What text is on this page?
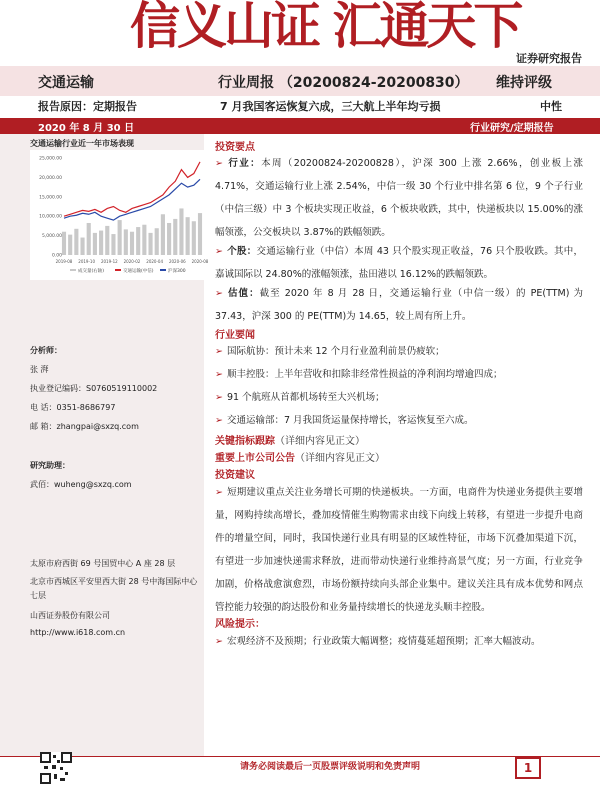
信义山证 汇通天下
证券研究报告
交通运输	行业周报 （20200824-20200830） 维持评级
报告原因：定期报告	7 月我国客运恢复六成，三大航上半年均亏损	中性
2020 年 8 月 30 日	行业研究/定期报告
交通运输行业近一年市场表现
25,000.00
20,000.00
15,000.00
10,000.00
5,000.00
0.00
2019-08 2019-10 2019-12 2020-02 2020-04 2020-06 2020-08
成交量(右轴)	交通运输(中信)	沪深300
分析师：
张 湃
执业登记编码：S0760519110002
电 话：0351-8686797
邮 箱：zhangpai@sxzq.com
研究助理：
武佰：wuheng@sxzq.com
太原市府西街 69 号国贸中心 A 座 28 层
北京市西城区平安里西大街 28 号中海国际中心七层
山西证券股份有限公司
http://www.i618.com.cn
投资要点
➢ 行业：本周（20200824-20200828），沪深 300 上涨 2.66%，创业板上涨 4.71%，交通运输行业上涨 2.54%，中信一级 30 个行业中排名第 6 位，9 个子行业（中信三级）中 3 个板块实现正收益，6 个板块收跌，其中，快递板块以 15.00%的涨幅领涨，公交板块以 3.87%的跌幅领跌。
➢ 个股：交通运输行业（中信）本周 43 只个股实现正收益，76 只个股收跌。其中，嘉诚国际以 24.80%的涨幅领涨，盐田港以 16.12%的跌幅领跌。
➢ 估值：截至 2020 年 8 月 28 日，交通运输行业（中信一级）的 PE(TTM) 为 37.43，沪深 300 的 PE(TTM)为 14.65，较上周有所上升。
行业要闻
➢ 国际航协：预计未来 12 个月行业盈利前景仍疲软；
➢ 顺丰控股：上半年营收和扣除非经常性损益的净利润均增逾四成；
➢ 91 个航班从首都机场转至大兴机场；
➢ 交通运输部：7 月我国货运量保持增长，客运恢复至六成。
关键指标跟踪（详细内容见正文）
重要上市公司公告（详细内容见正文）
投资建议
➢ 短期建议重点关注业务增长可期的快递板块。一方面，电商件为快递业务提供主要增量，网购持续高增长，叠加疫情催生购物需求由线下向线上转移，有望进一步提升电商件的增量空间，同时，我国快递行业具有明显的区域性特征，市场下沉叠加渠道下沉，有望进一步加速快递需求释放，进而带动快递行业维持高景气度；另一方面，行业竞争加剧，价格战愈演愈烈，市场份额持续向头部企业集中。建议关注具有成本优势和网点管控能力较强的韵达股份和业务量持续增长的快递龙头顺丰控股。
风险提示：
➢ 宏观经济不及预期；行业政策大幅调整；疫情蔓延超预期；汇率大幅波动。
请务必阅读最后一页股票评级说明和免责声明	1
